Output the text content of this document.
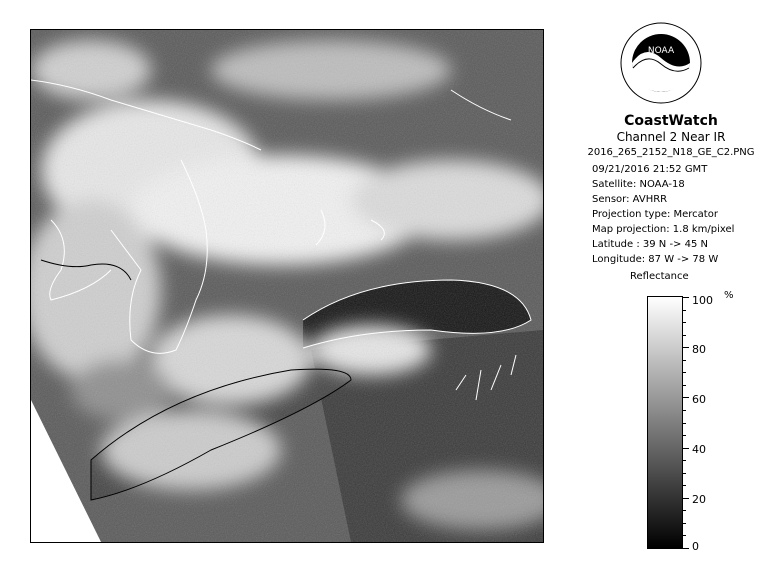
NOAA
CoastWatch
Channel 2 Near IR
2016_265_2152_N18_GE_C2.PNG
09/21/2016 21:52 GMT
Satellite: NOAA-18
Sensor: AVHRR
Projection type: Mercator
Map projection: 1.8 km/pixel
Latitude : 39 N -> 45 N
Longitude: 87 W -> 78 W
Reflectance
%
100
80
60
40
20
0
